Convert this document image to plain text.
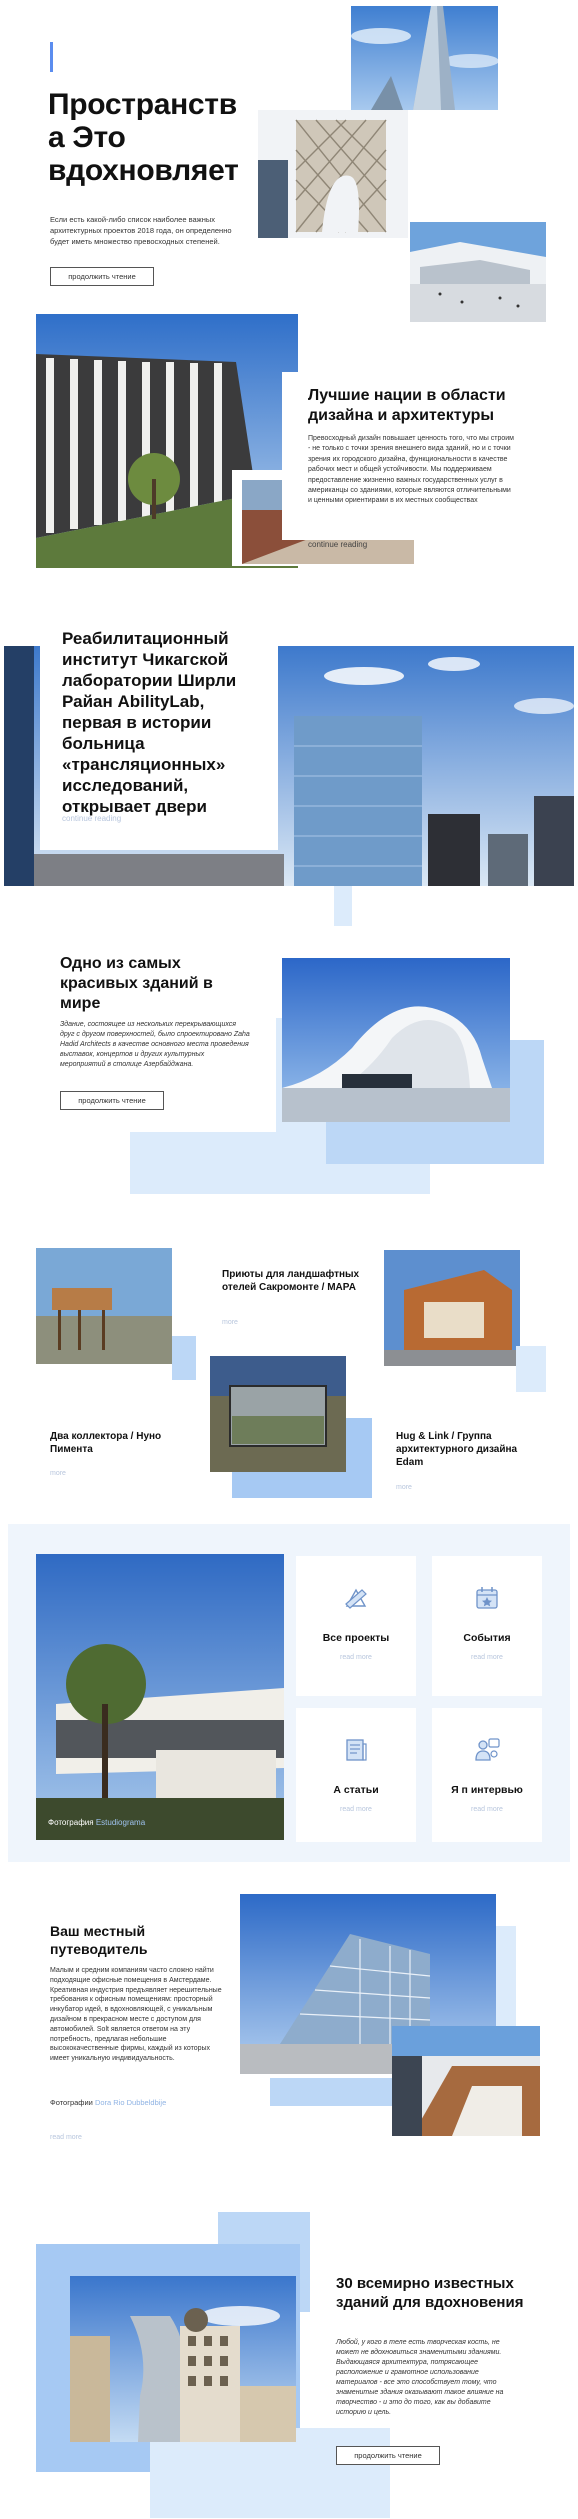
Пространств а Это вдохновляет
Если есть какой-либо список наиболее важных архитектурных проектов 2018 года, он определенно будет иметь множество превосходных степеней.
продолжить чтение
Лучшие нации в области дизайна и архитектуры
Превосходный дизайн повышает ценность того, что мы строим - не только с точки зрения внешнего вида зданий, но и с точки зрения их городского дизайна, функциональности в качестве рабочих мест и общей устойчивости. Мы поддерживаем предоставление жизненно важных государственных услуг в американцы со зданиями, которые являются отличительными и ценными ориентирами в их местных сообществах
continue reading
Реабилитационный институт Чикагской лаборатории Ширли Райан AbilityLab, первая в истории больница «трансляционных» исследований, открывает двери
continue reading
Одно из самых красивых зданий в мире
Здание, состоящее из нескольких перекрывающихся друг с другом поверхностей, было спроектировано Zaha Hadid Architects в качестве основного места проведения выставок, концертов и других культурных мероприятий в столице Азербайджана.
продолжить чтение
Приюты для ландшафтных отелей Сакромонте / MAPA
more
Два коллектора / Нуно Пимента
more
Hug & Link / Группа архитектурного дизайна Edam
more
Фотография Estudiograma
Все проекты
read more
События
read more
А статьи
read more
Я п интервью
read more
Ваш местный путеводитель
Малым и средним компаниям часто сложно найти подходящие офисные помещения в Амстердаме. Креативная индустрия предъявляет нерешительные требования к офисным помещениям: просторный инкубатор идей, в вдохновляющей, с уникальным дизайном в прекрасном месте с доступом для автомобилей. Solt является ответом на эту потребность, предлагая небольшие высококачественные фирмы, каждый из которых имеет уникальную индивидуальность.
Фотографии Dora Rio Dubbeldbije
read more
30 всемирно известных зданий для вдохновения
Любой, у кого в теле есть творческая кость, не может не вдохновиться знаменитыми зданиями. Выдающаяся архитектура, потрясающее расположение и грамотное использование материалов - все это способствует тому, что знаменитые здания оказывают такое влияние на творчество - и это до того, как вы добавите историю и цель.
продолжить чтение
